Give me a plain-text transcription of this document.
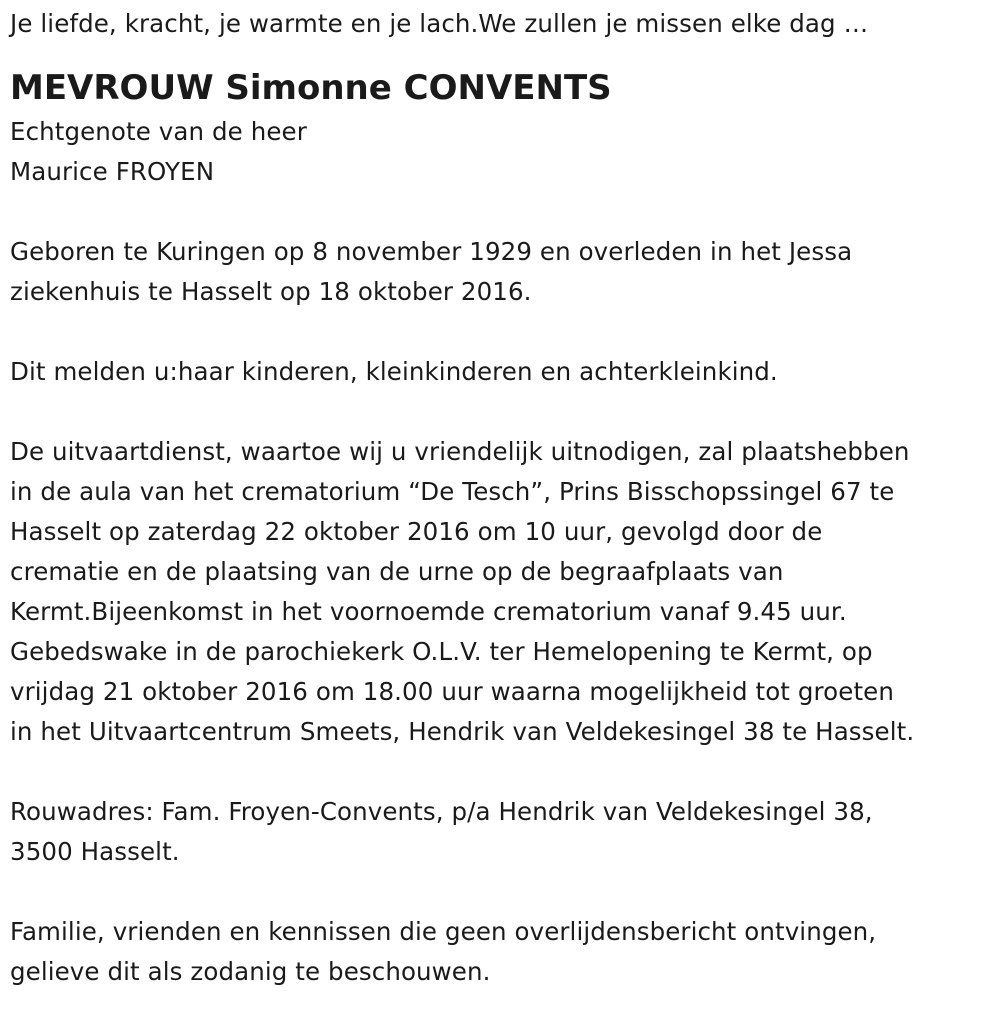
Je liefde, kracht, je warmte en je lach.We zullen je missen elke dag …
MEVROUW Simonne CONVENTS
Echtgenote van de heer
Maurice FROYEN
Geboren te Kuringen op 8 november 1929 en overleden in het Jessa
ziekenhuis te Hasselt op 18 oktober 2016.
Dit melden u:haar kinderen, kleinkinderen en achterkleinkind.
De uitvaartdienst, waartoe wij u vriendelijk uitnodigen, zal plaatshebben
in de aula van het crematorium “De Tesch”, Prins Bisschopssingel 67 te
Hasselt op zaterdag 22 oktober 2016 om 10 uur, gevolgd door de
crematie en de plaatsing van de urne op de begraafplaats van
Kermt.Bijeenkomst in het voornoemde crematorium vanaf 9.45 uur.
Gebedswake in de parochiekerk O.L.V. ter Hemelopening te Kermt, op
vrijdag 21 oktober 2016 om 18.00 uur waarna mogelijkheid tot groeten
in het Uitvaartcentrum Smeets, Hendrik van Veldekesingel 38 te Hasselt.
Rouwadres: Fam. Froyen-Convents, p/a Hendrik van Veldekesingel 38,
3500 Hasselt.
Familie, vrienden en kennissen die geen overlijdensbericht ontvingen,
gelieve dit als zodanig te beschouwen.
